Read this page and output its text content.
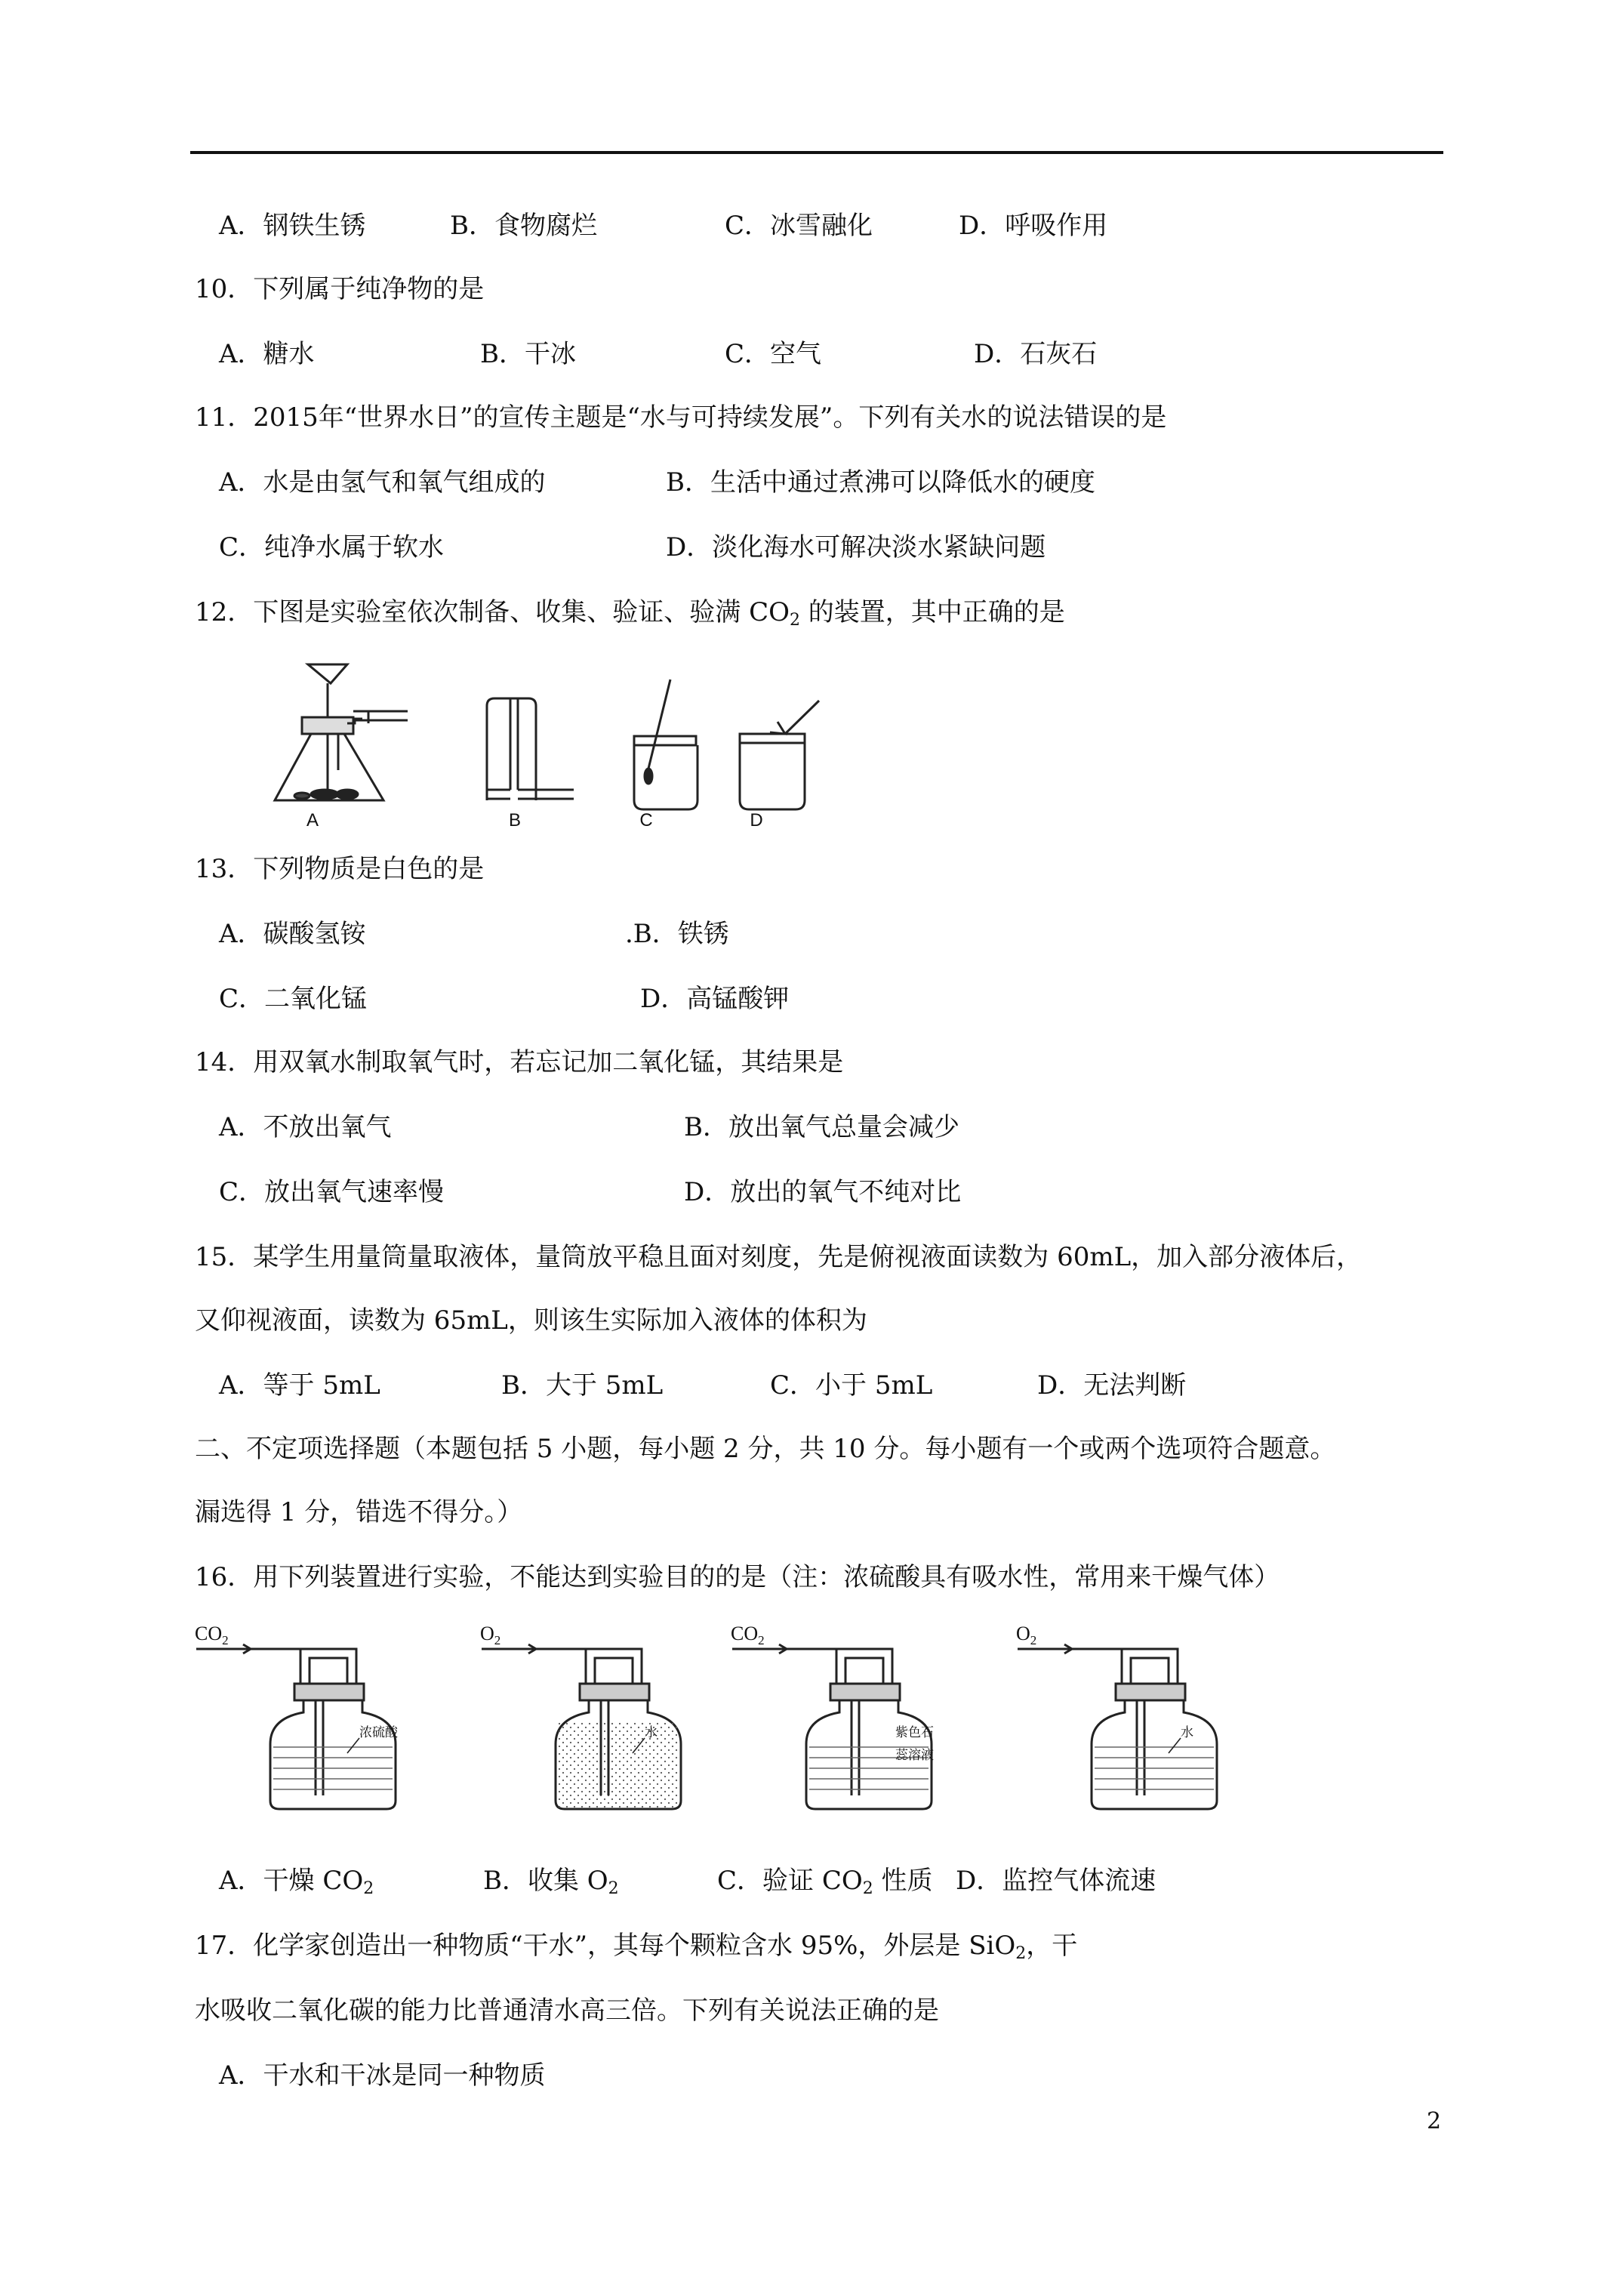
A．钢铁生锈	B．食物腐烂	C．冰雪融化	D．呼吸作用
10．下列属于纯净物的是
A．糖水	B．干冰	C．空气	D．石灰石
11．2015年“世界水日”的宣传主题是“水与可持续发展”。下列有关水的说法错误的是
A．水是由氢气和氧气组成的	B．生活中通过煮沸可以降低水的硬度
C．纯净水属于软水	D．淡化海水可解决淡水紧缺问题
12．下图是实验室依次制备、收集、验证、验满 $CO_2$ 的装置，其中正确的是
A	B	C	D
13．下列物质是白色的是
A．碳酸氢铵	.B．铁锈
C．二氧化锰	D．高锰酸钾
14．用双氧水制取氧气时，若忘记加二氧化锰，其结果是
A．不放出氧气	B．放出氧气总量会减少
C．放出氧气速率慢	D．放出的氧气不纯对比
15．某学生用量筒量取液体，量筒放平稳且面对刻度，先是俯视液面读数为 60mL，加入部分液体后，
又仰视液面，读数为 65mL，则该生实际加入液体的体积为
A．等于 5mL	B．大于 5mL	C．小于 5mL	D．无法判断
二、不定项选择题（本题包括 5 小题，每小题 2 分，共 10 分。每小题有一个或两个选项符合题意。
漏选得 1 分，错选不得分。）
16．用下列装置进行实验，不能达到实验目的的是（注：浓硫酸具有吸水性，常用来干燥气体）
$CO_2$	$O_2$	$CO_2$	$O_2$
浓硫酸	水	紫色石
蕊溶液
水
A．干燥 $CO_2$	B．收集 $O_2$	C．验证 $CO_2$ 性质 D．监控气体流速
17．化学家创造出一种物质“干水”，其每个颗粒含水 95%，外层是 SiO$_2$，干
水吸收二氧化碳的能力比普通清水高三倍。下列有关说法正确的是
A．干水和干冰是同一种物质
2
